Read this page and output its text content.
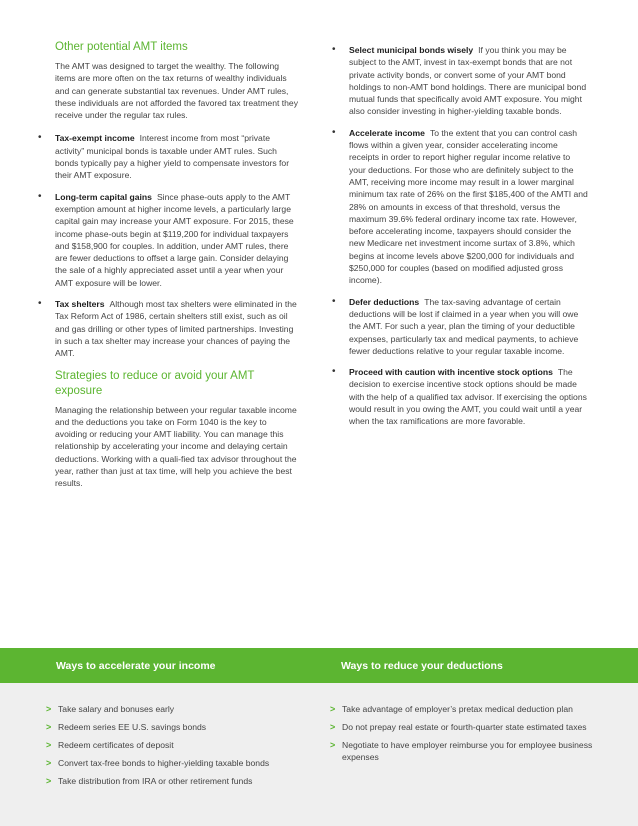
Other potential AMT items

The AMT was designed to target the wealthy. The following items are more often on the tax returns of wealthy individuals and can generate substantial tax revenues. Under AMT rules, these individuals are not afforded the favored tax treatment they receive under the regular tax rules.

• Tax-exempt income Interest income from most “private activity” municipal bonds is taxable under AMT rules. Such bonds typically pay a higher yield to compensate investors for their AMT exposure.
• Long-term capital gains Since phase-outs apply to the AMT exemption amount at higher income levels, a particularly large capital gain may increase your AMT exposure. For 2015, these income phase-outs begin at $119,200 for individual taxpayers and $158,900 for couples. In addition, under AMT rules, there are fewer deductions to offset a large gain. Consider delaying the sale of a highly appreciated asset until a year when your AMT exposure will be lower.
• Tax shelters Although most tax shelters were eliminated in the Tax Reform Act of 1986, certain shelters still exist, such as oil and gas drilling or other types of limited partnerships. Investing in such a tax shelter may increase your chances of paying the AMT.
Strategies to reduce or avoid your AMT exposure

Managing the relationship between your regular taxable income and the deductions you take on Form 1040 is the key to avoiding or reducing your AMT liability. You can manage this relationship by accelerating your income and delaying certain deductions. Working with a quali-fied tax advisor throughout the year, rather than just at tax time, will help you achieve the best results.

• Select municipal bonds wisely If you think you may be subject to the AMT, invest in tax-exempt bonds that are not private activity bonds, or convert some of your AMT bond holdings to non-AMT bond holdings. There are municipal bond mutual funds that specifically avoid AMT exposure. You might also consider investing in higher-yielding taxable bonds.
• Accelerate income To the extent that you can control cash flows within a given year, consider accelerating income receipts in order to report higher regular income relative to your deductions. For those who are definitely subject to the AMT, receiving more income may result in a lower marginal minimum tax rate of 26% on the first $185,400 of the AMTI and 28% on amounts in excess of that threshold, versus the maximum 39.6% federal ordinary income tax rate. However, before accelerating income, taxpayers should consider the new Medicare net investment income surtax of 3.8%, which begins at income levels above $200,000 for individuals and $250,000 for couples (based on modified adjusted gross income).
• Defer deductions The tax-saving advantage of certain deductions will be lost if claimed in a year when you will owe the AMT. For such a year, plan the timing of your deductible expenses, particularly tax and medical payments, to achieve fewer deductions relative to your regular taxable income.
• Proceed with caution with incentive stock options The decision to exercise incentive stock options should be made with the help of a qualified tax advisor. If exercising the options would result in you owing the AMT, you could wait until a year when the tax ramifications are more favorable.
Ways to accelerate your income	Ways to reduce your deductions
> Take salary and bonuses early
> Redeem series EE U.S. savings bonds
> Redeem certificates of deposit
> Convert tax-free bonds to higher-yielding taxable bonds
> Take distribution from IRA or other retirement funds
> Take advantage of employer’s pretax medical deduction plan
> Do not prepay real estate or fourth-quarter state estimated taxes
> Negotiate to have employer reimburse you for employee business expenses
